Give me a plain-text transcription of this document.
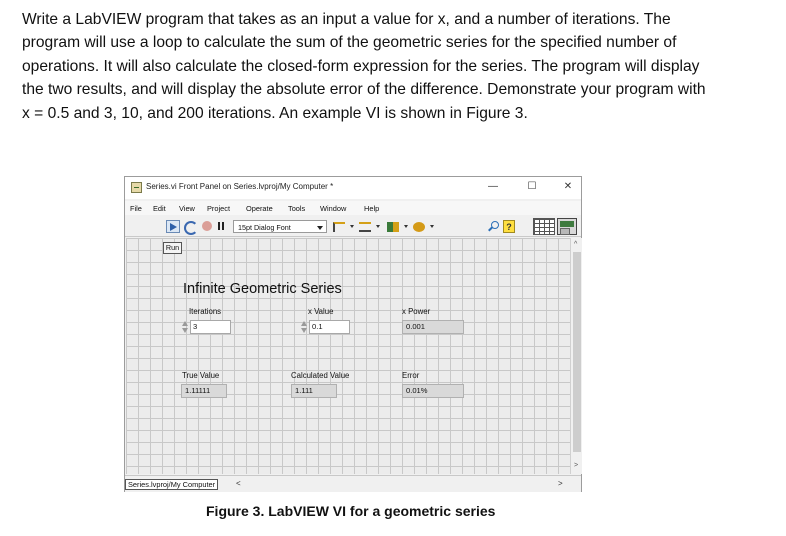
Write a LabVIEW program that takes as an input a value for x, and a number of iterations. The
program will use a loop to calculate the sum of the geometric series for the specified number of
operations. It will also calculate the closed-form expression for the series. The program will display
the two results, and will display the absolute error of the difference. Demonstrate your program with
x = 0.5 and 3, 10, and 200 iterations. An example VI is shown in Figure 3.
Series.vi Front Panel on Series.lvproj/My Computer *	—	☐	✕
File Edit View Project Operate Tools Window Help
15pt Dialog Font	?
Run
Infinite Geometric Series
Iterations
3
x Value
0.1
x Power
0.001
True Value
1.11111
Calculated Value
1.111
Error
0.01%
^
>
Series.lvproj/My Computer	<	>
Figure 3. LabVIEW VI for a geometric series
